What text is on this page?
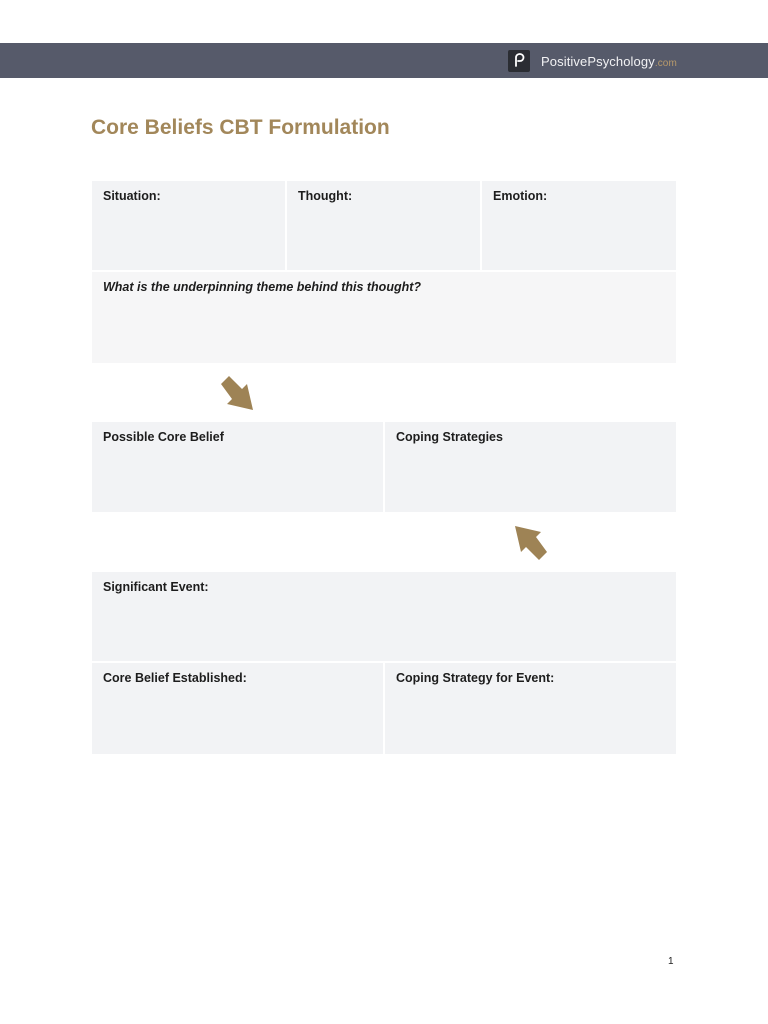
PositivePsychology.com
Core Beliefs CBT Formulation
Situation:	Thought:	Emotion:
What is the underpinning theme behind this thought?
Possible Core Belief	Coping Strategies
Significant Event:
Core Belief Established:	Coping Strategy for Event:
1
